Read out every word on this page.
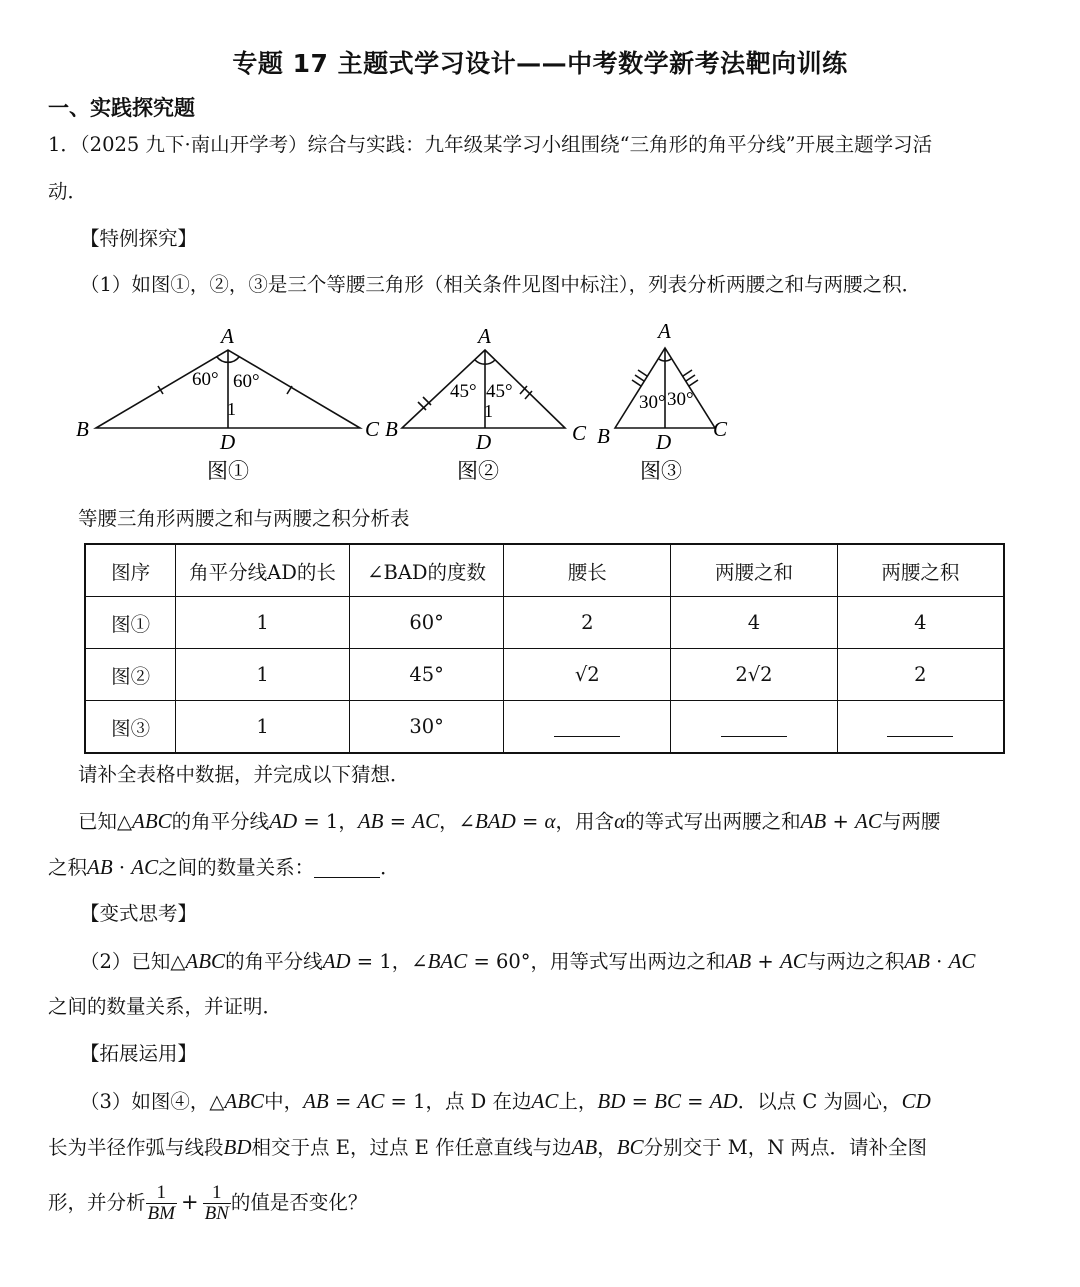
专题 17 主题式学习设计——中考数学新考法靶向训练
一、实践探究题
1．（2025 九下·南山开学考）综合与实践：九年级某学习小组围绕“三角形的角平分线”开展主题学习活
动．
【特例探究】
（1）如图①，②，③是三个等腰三角形（相关条件见图中标注），列表分析两腰之和与两腰之积．
A
B	C
D
60° 60°
1
图①
A
B	C
D
45° 45°
1
图②
A
B	C
D
30° 30°
图③
等腰三角形两腰之和与两腰之积分析表
图序	角平分线AD的长	∠BAD的度数	腰长	两腰之和	两腰之积
图①	1	60°	2	4	4
图②	1	45°	√2	2√2	2
图③	1	30°			
请补全表格中数据，并完成以下猜想．
已知△ABC的角平分线AD = 1，AB = AC，∠BAD = α，用含α的等式写出两腰之和AB + AC与两腰
之积AB · AC之间的数量关系：	．
【变式思考】
（2）已知△ABC的角平分线AD = 1，∠BAC = 60°，用等式写出两边之和AB + AC与两边之积AB · AC
之间的数量关系，并证明．
【拓展运用】
（3）如图④，△ABC中，AB = AC = 1，点 D 在边AC上，BD = BC = AD．以点 C 为圆心，CD
长为半径作弧与线段BD相交于点 E，过点 E 作任意直线与边AB，BC分别交于 M，N 两点．请补全图
形，并分析 $\frac{1}{BM} + \frac{1}{BN}$ 的值是否变化？
